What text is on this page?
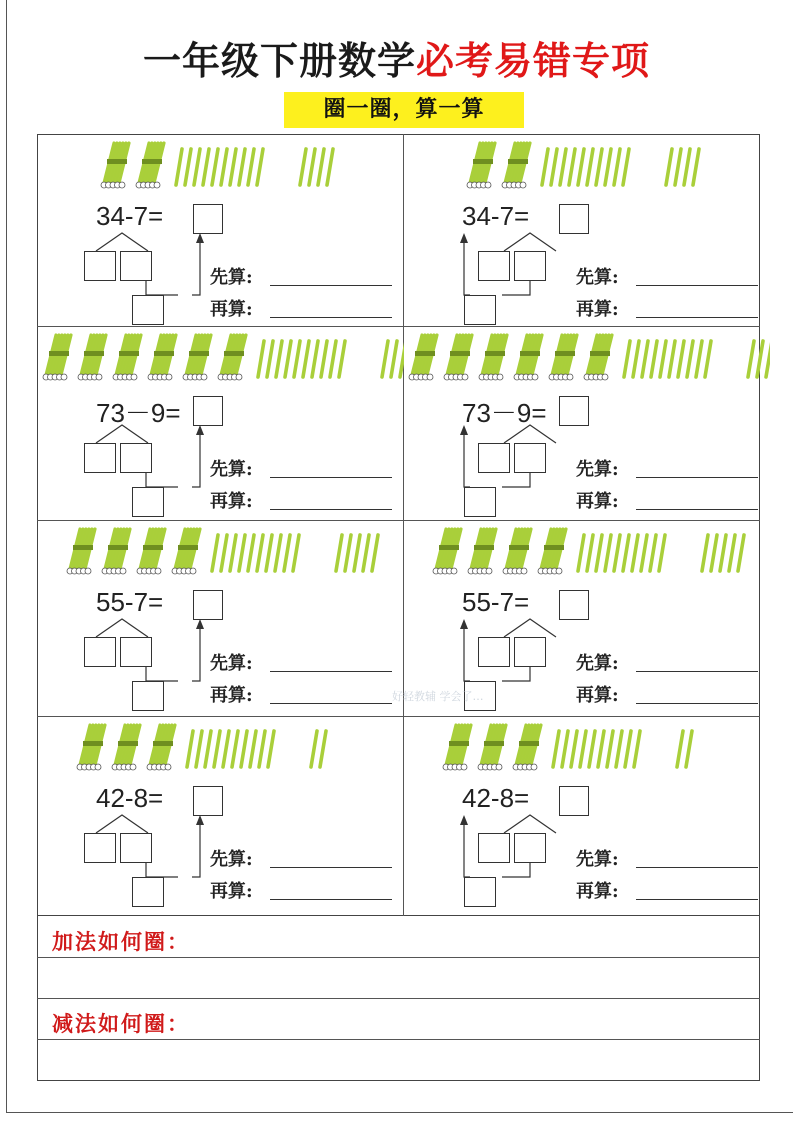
一年级下册数学必考易错专项
圈一圈，算一算
34-7=
先算:
再算:
34-7=
先算:
再算:
73－9=
先算:
再算:
73－9=
先算:
再算:
55-7=
先算:
再算:
55-7=
先算:
再算:
42-8=
先算:
再算:
42-8=
先算:
再算:
加法如何圈：
减法如何圈：
好轻教辅 学会了…
